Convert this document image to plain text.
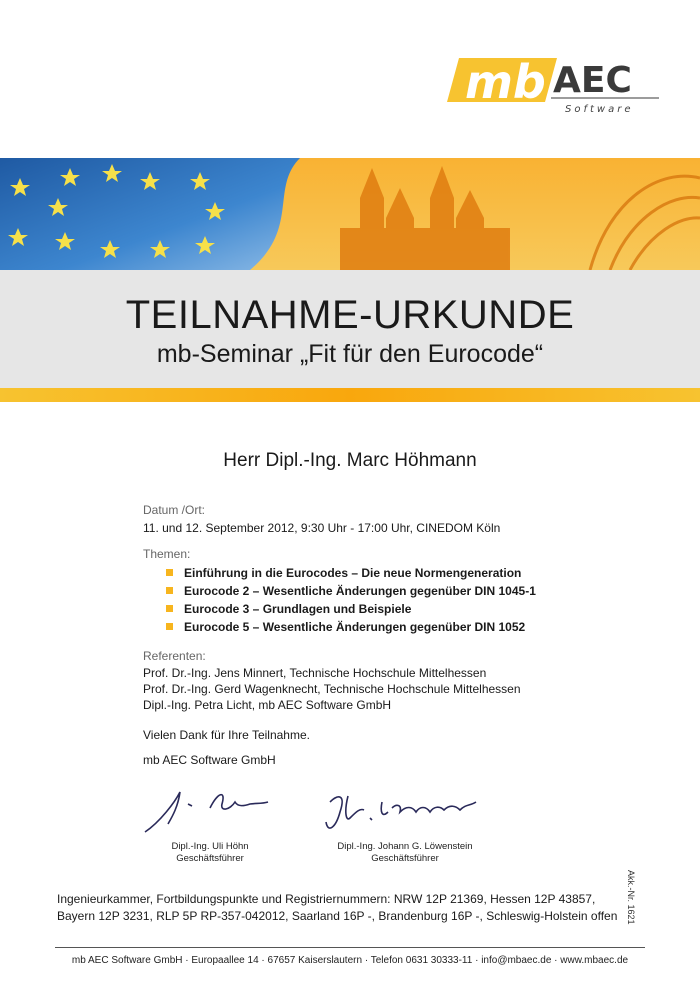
mb AEC
Software
TEILNAHME-URKUNDE
mb-Seminar „Fit für den Eurocode“
Herr Dipl.-Ing. Marc Höhmann
Datum /Ort:
11. und 12. September 2012, 9:30 Uhr - 17:00 Uhr, CINEDOM Köln
Themen:
Einführung in die Eurocodes – Die neue Normengeneration
Eurocode 2 – Wesentliche Änderungen gegenüber DIN 1045-1
Eurocode 3 – Grundlagen und Beispiele
Eurocode 5 – Wesentliche Änderungen gegenüber DIN 1052
Referenten:
Prof. Dr.-Ing. Jens Minnert, Technische Hochschule Mittelhessen
Prof. Dr.-Ing. Gerd Wagenknecht, Technische Hochschule Mittelhessen
Dipl.-Ing. Petra Licht, mb AEC Software GmbH
Vielen Dank für Ihre Teilnahme.
mb AEC Software GmbH
Dipl.-Ing. Uli Höhn
Geschäftsführer
Dipl.-Ing. Johann G. Löwenstein
Geschäftsführer
Ingenieurkammer, Fortbildungspunkte und Registriernummern: NRW 12P 21369, Hessen 12P 43857,
Bayern 12P 3231, RLP 5P RP-357-042012, Saarland 16P -, Brandenburg 16P -, Schleswig-Holstein offen Akk.-Nr. 1621
mb AEC Software GmbH · Europaallee 14 · 67657 Kaiserslautern · Telefon 0631 30333-11 · info@mbaec.de · www.mbaec.de
